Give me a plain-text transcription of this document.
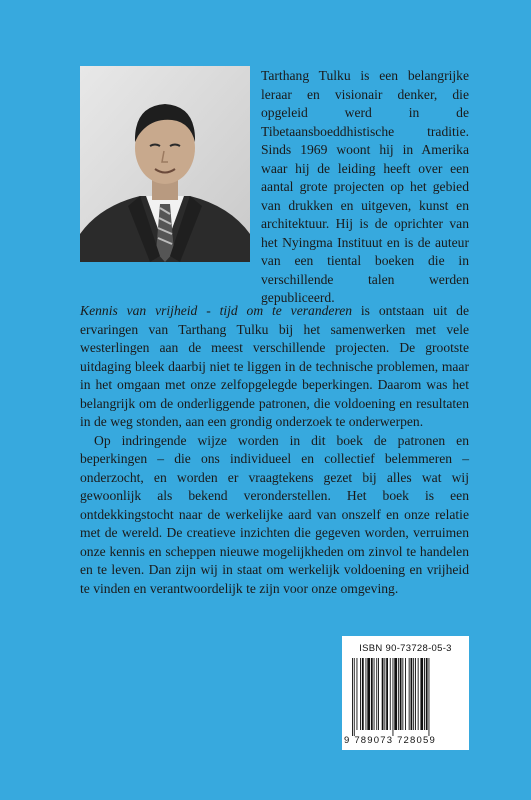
Tarthang Tulku is een belangrijke leraar en visionair denker, die opgeleid werd in de Tibetaansboeddhistische traditie. Sinds 1969 woont hij in Amerika waar hij de leiding heeft over een aantal grote projecten op het gebied van drukken en uitgeven, kunst en architektuur. Hij is de oprichter van het Nyingma Instituut en is de auteur van een tiental boeken die in verschillende talen werden gepubliceerd.

Kennis van vrijheid - tijd om te veranderen is ontstaan uit de ervaringen van Tarthang Tulku bij het samenwerken met vele westerlingen aan de meest verschillende projecten. De grootste uitdaging bleek daarbij niet te liggen in de technische problemen, maar in het omgaan met onze zelfopgelegde beperkingen. Daarom was het belangrijk om de onderliggende patronen, die voldoening en resultaten in de weg stonden, aan een grondig onderzoek te onderwerpen.

Op indringende wijze worden in dit boek de patronen en beperkingen – die ons individueel en collectief belemmeren – onderzocht, en worden er vraagtekens gezet bij alles wat wij gewoonlijk als bekend veronderstellen. Het boek is een ontdekkingstocht naar de werkelijke aard van onszelf en onze relatie met de wereld. De creatieve inzichten die gegeven worden, verruimen onze kennis en scheppen nieuwe mogelijkheden om zinvol te handelen en te leven. Dan zijn wij in staat om werkelijk voldoening en vrijheid te vinden en verantwoordelijk te zijn voor onze omgeving.

ISBN 90-73728-05-3
9 789073 728059
